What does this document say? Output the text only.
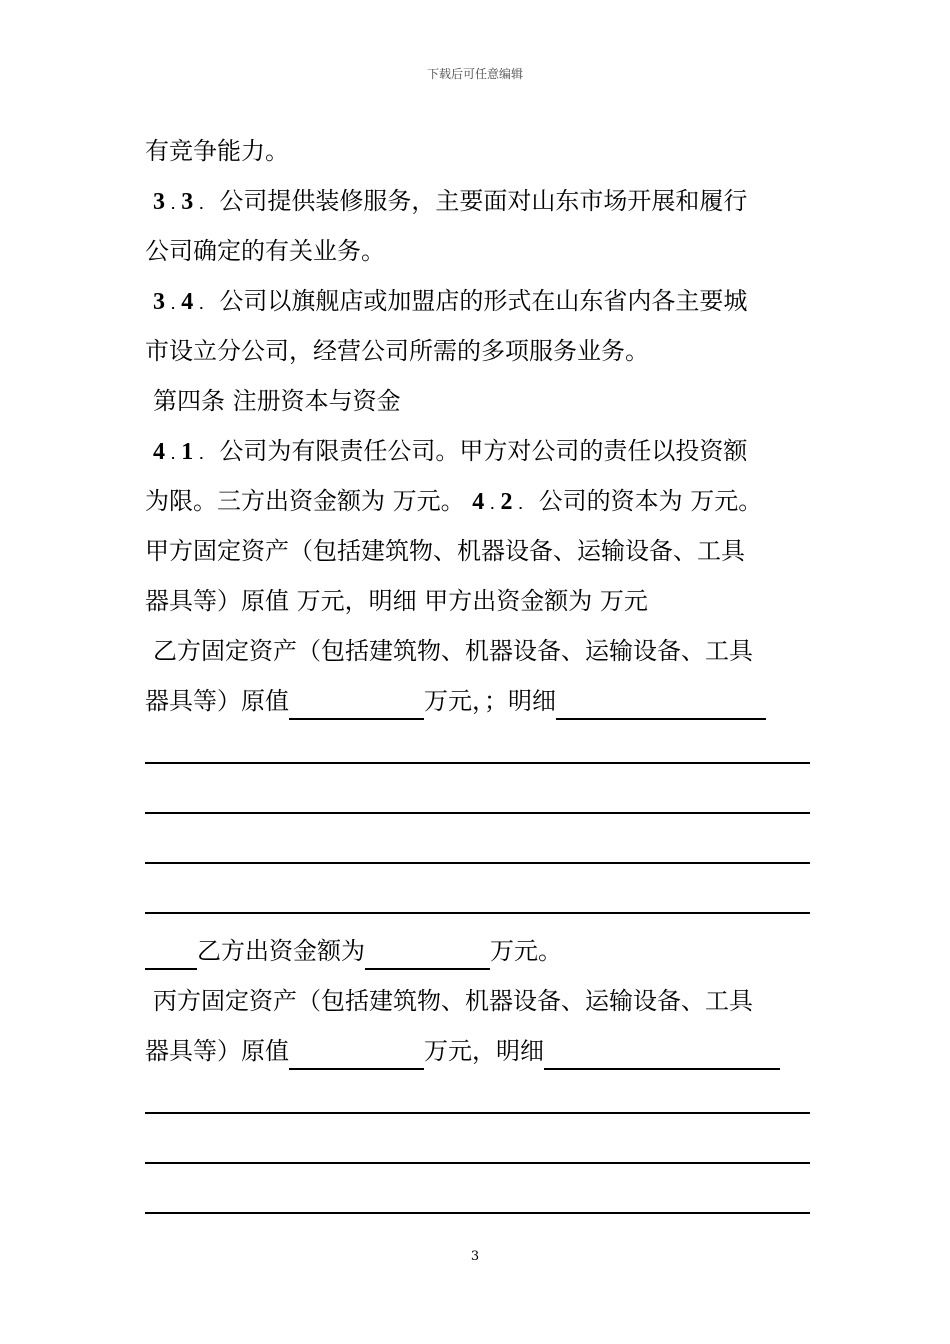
下载后可任意编辑
有竞争能力。
3 . 3 . 公司提供装修服务，主要面对山东市场开展和履行
公司确定的有关业务。
3 . 4 . 公司以旗舰店或加盟店的形式在山东省内各主要城
市设立分公司，经营公司所需的多项服务业务。
第四条 注册资本与资金
4 . 1 . 公司为有限责任公司。甲方对公司的责任以投资额
为限。三方出资金额为 万元。 4 . 2 . 公司的资本为 万元。
甲方固定资产（包括建筑物、机器设备、运输设备、工具
器具等）原值 万元，明细 甲方出资金额为 万元
乙方固定资产（包括建筑物、机器设备、运输设备、工具
器具等）原值	万元，；明细
乙方出资金额为	万元。
丙方固定资产（包括建筑物、机器设备、运输设备、工具
器具等）原值	万元，明细
3
